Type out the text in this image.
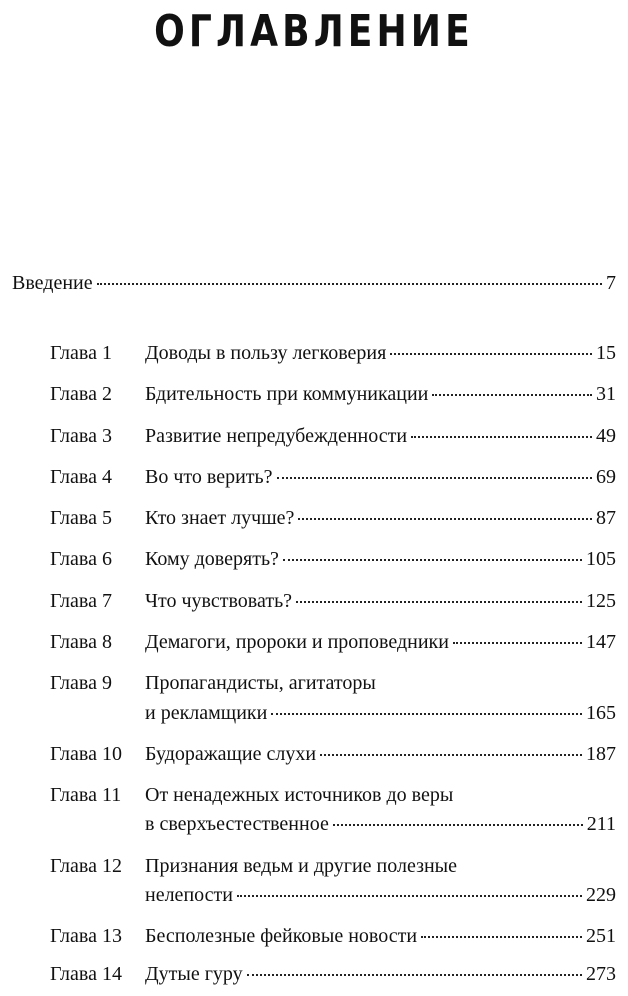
ОГЛАВЛЕНИЕ
Введение	7
Глава 1 Доводы в пользу легковерия	15
Глава 2 Бдительность при коммуникации	31
Глава 3 Развитие непредубежденности	49
Глава 4 Во что верить?	69
Глава 5 Кто знает лучше?	87
Глава 6 Кому доверять?	105
Глава 7 Что чувствовать?	125
Глава 8 Демагоги, пророки и проповедники	147
Глава 9 Пропагандисты, агитаторы
и рекламщики	165
Глава 10 Будоражащие слухи	187
Глава 11 От ненадежных источников до веры
в сверхъестественное	211
Глава 12 Признания ведьм и другие полезные
нелепости	229
Глава 13 Бесполезные фейковые новости	251
Глава 14 Дутые гуру	273
